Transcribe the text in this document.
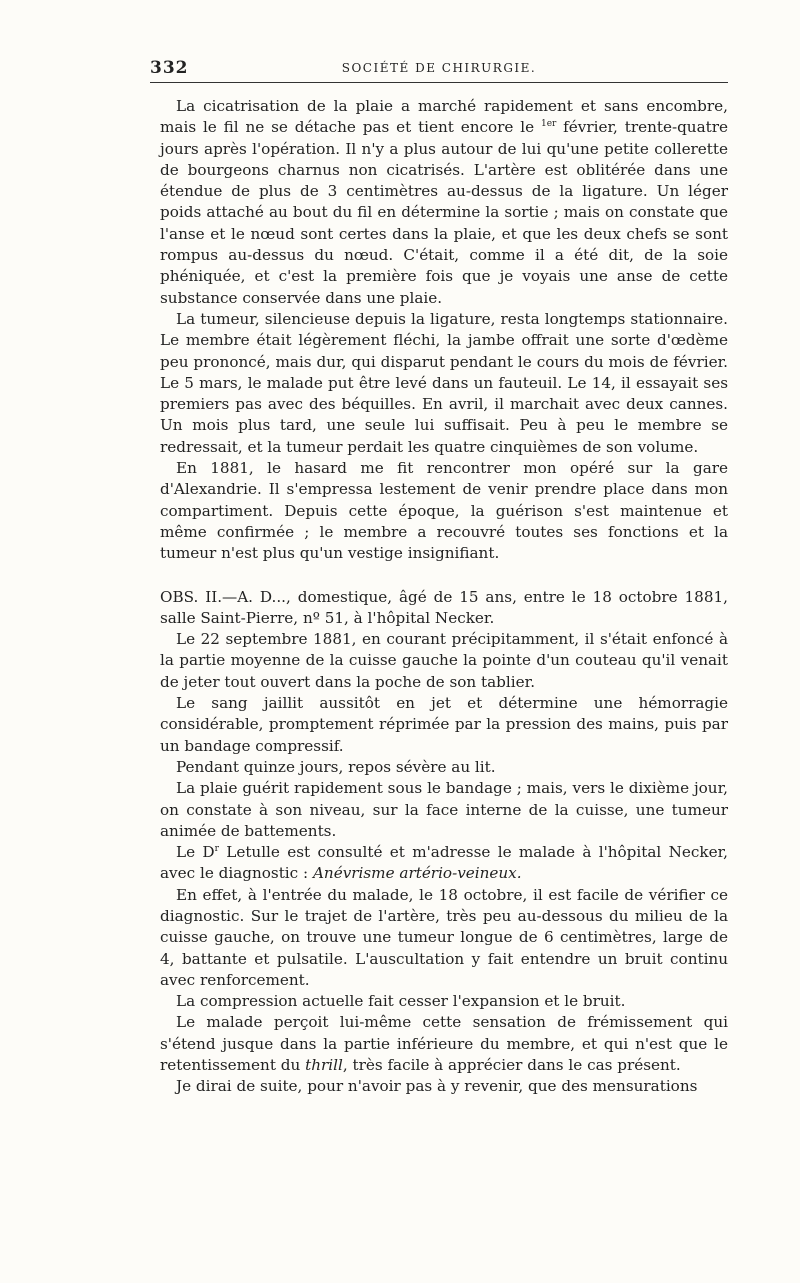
332	SOCIÉTÉ DE CHIRURGIE.

La cicatrisation de la plaie a marché rapidement et sans encombre, mais le fil ne se détache pas et tient encore le $^{1er}$ février, trente-quatre jours après l'opération. Il n'y a plus autour de lui qu'une petite collerette de bourgeons charnus non cicatrisés. L'artère est oblitérée dans une étendue de plus de 3 centimètres au-dessus de la ligature. Un léger poids attaché au bout du fil en détermine la sortie ; mais on constate que l'anse et le nœud sont certes dans la plaie, et que les deux chefs se sont rompus au-dessus du nœud. C'était, comme il a été dit, de la soie phéniquée, et c'est la première fois que je voyais une anse de cette substance conservée dans une plaie.

La tumeur, silencieuse depuis la ligature, resta longtemps stationnaire. Le membre était légèrement fléchi, la jambe offrait une sorte d'œdème peu prononcé, mais dur, qui disparut pendant le cours du mois de février. Le 5 mars, le malade put être levé dans un fauteuil. Le 14, il essayait ses premiers pas avec des béquilles. En avril, il marchait avec deux cannes. Un mois plus tard, une seule lui suffisait. Peu à peu le membre se redressait, et la tumeur perdait les quatre cinquièmes de son volume.

En 1881, le hasard me fit rencontrer mon opéré sur la gare d'Alexandrie. Il s'empressa lestement de venir prendre place dans mon compartiment. Depuis cette époque, la guérison s'est maintenue et même confirmée ; le membre a recouvré toutes ses fonctions et la tumeur n'est plus qu'un vestige insignifiant.

OBS. II.—A. D..., domestique, âgé de 15 ans, entre le 18 octobre 1881, salle Saint-Pierre, nº 51, à l'hôpital Necker.

Le 22 septembre 1881, en courant précipitamment, il s'était enfoncé à la partie moyenne de la cuisse gauche la pointe d'un couteau qu'il venait de jeter tout ouvert dans la poche de son tablier.

Le sang jaillit aussitôt en jet et détermine une hémorragie considérable, promptement réprimée par la pression des mains, puis par un bandage compressif.

Pendant quinze jours, repos sévère au lit.

La plaie guérit rapidement sous le bandage ; mais, vers le dixième jour, on constate à son niveau, sur la face interne de la cuisse, une tumeur animée de battements.

Le $D^r$ Letulle est consulté et m'adresse le malade à l'hôpital Necker, avec le diagnostic : Anévrisme artério-veineux.

En effet, à l'entrée du malade, le 18 octobre, il est facile de vérifier ce diagnostic. Sur le trajet de l'artère, très peu au-dessous du milieu de la cuisse gauche, on trouve une tumeur longue de 6 centimètres, large de 4, battante et pulsatile. L'auscultation y fait entendre un bruit continu avec renforcement.

La compression actuelle fait cesser l'expansion et le bruit.

Le malade perçoit lui-même cette sensation de frémissement qui s'étend jusque dans la partie inférieure du membre, et qui n'est que le retentissement du thrill, très facile à apprécier dans le cas présent.

Je dirai de suite, pour n'avoir pas à y revenir, que des mensurations
